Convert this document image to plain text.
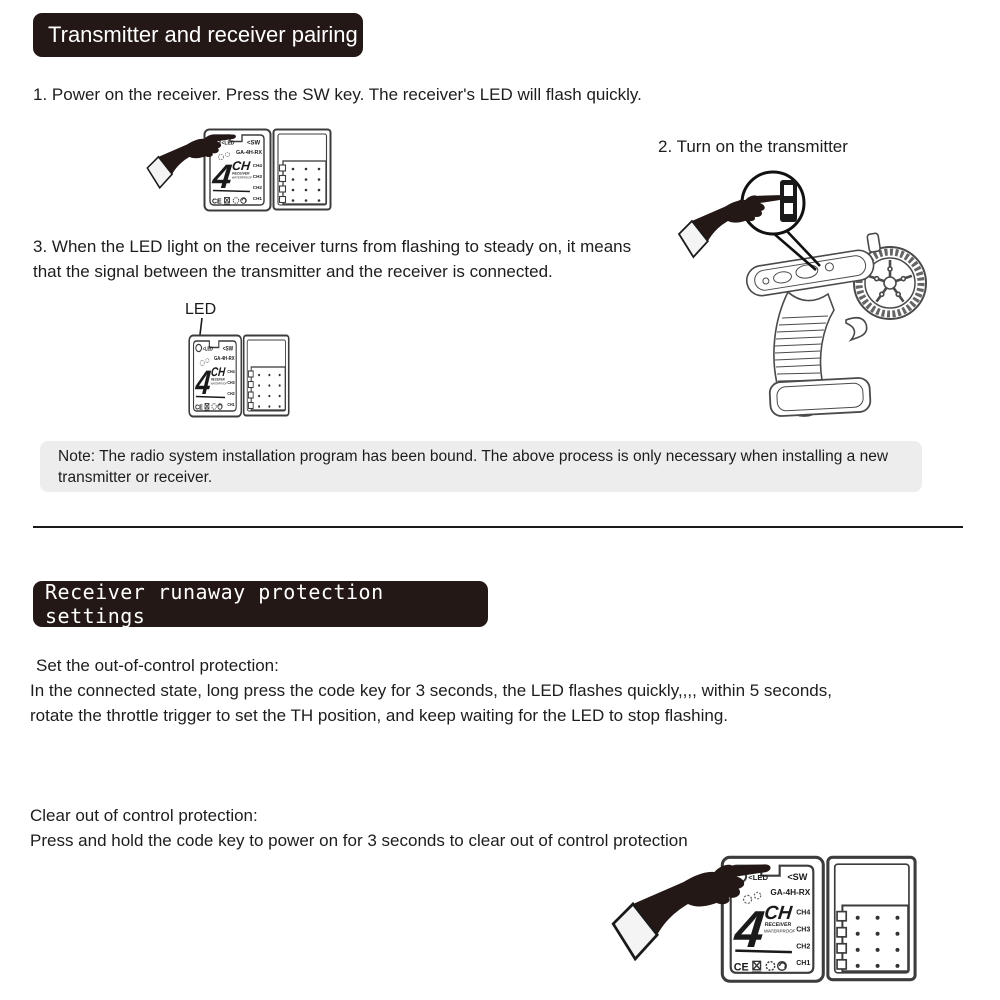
Transmitter and receiver pairing
1. Power on the receiver. Press the SW key. The receiver's LED will flash quickly.
2. Turn on the transmitter
3. When the LED light on the receiver turns from flashing to steady on, it means
that the signal between the transmitter and the receiver is connected.
LED
Note: The radio system installation program has been bound. The above process is only necessary when installing a new
transmitter or receiver.
Receiver runaway protection settings
Set the out-of-control protection:
In the connected state, long press the code key for 3 seconds, the LED flashes quickly,,,, within 5 seconds,
rotate the throttle trigger to set the TH position, and keep waiting for the LED to stop flashing.
Clear out of control protection:
Press and hold the code key to power on for 3 seconds to clear out of control protection
